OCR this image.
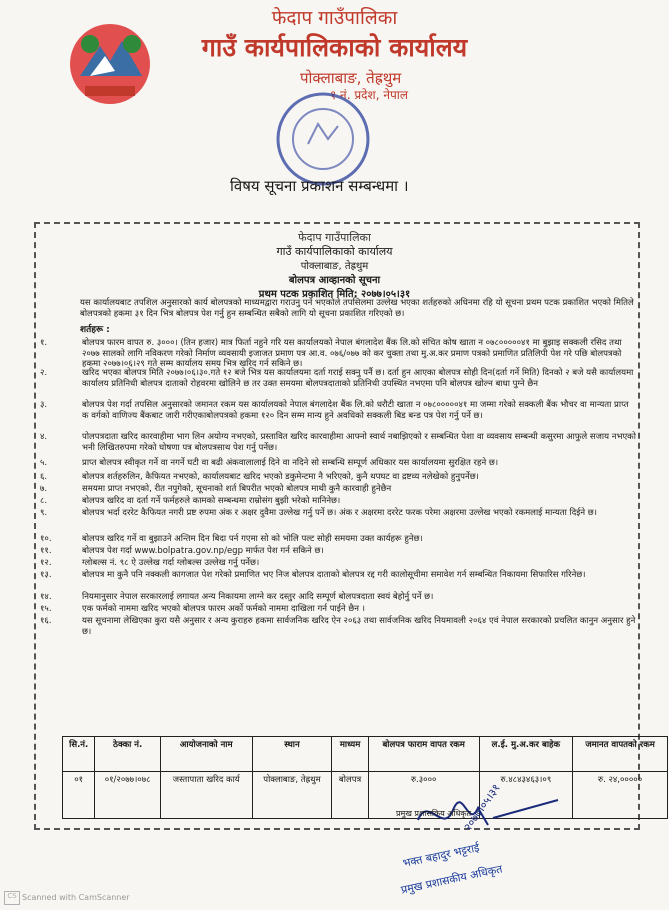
फेदाप गाउँपालिका
गाउँ कार्यपालिकाको कार्यालय
पोक्लाबाङ, तेह्रथुम
१ नं. प्रदेश, नेपाल
विषय सूचना प्रकाशन सम्बन्धमा ।
फेदाप गाउँपालिका
गाउँ कार्यपालिकाको कार्यालय
पोक्लाबाङ, तेह्रथुम
बोलपत्र आव्हानको सूचना
प्रथम पटक प्रकाशित मिति: २०७७।०५।३१
यस कार्यालयबाट तपशिल अनुसारको कार्य बोलपत्रको माध्यमद्वारा गराउनु पर्ने भएकोले तपसिलमा उल्लेख भएका शर्तहरुको अधिनमा रहि यो सूचना प्रथम पटक प्रकाशित भएको मितिले बोलपत्रको हकमा ३१ दिन भित्र बोलपत्र पेश गर्नु हुन सम्बन्धित सबैको लागि यो सूचना प्रकाशित गरिएको छ।
शर्तहरू :
१.	बोलपत्र फारम वापत रु. ३०००। (तिन हजार) मात्र फिर्ता नहुने गरि यस कार्यालयको नेपाल बंगलादेश बैंक लि.को संचित कोष खाता न ०७८०००००४१ मा बुझाइ सक्कली रसिद तथा २०७७ सालको लागि नविकरण गरेको निर्माण व्यवसायी इजाजत प्रमाण पत्र आ.व. ०७६/०७७ को कर चुक्ता तथा मु.अ.कर प्रमाण पत्रको प्रमाणित प्रतिलिपी पेश गरे पछि बोलपत्रको हकमा २०७७।०६।२९ गते सम्म कार्यालय समय भित्र खरिद गर्न सकिने छ।
२.	खरिद भएका बोलपत्र मिति २०७७।०६।३०.गते १२ बजे भित्र यस कार्यालयमा दर्ता गराई सक्नु पर्नै छ। दर्ता हुन आएका बोलपत्र सोही दिन(दर्ता गर्ने मिति) दिनको २ बजे यसै कार्यालयमा कार्यालय प्रतिनिधी बोलपत्र दाताको रोहवरमा खोलिने छ तर उक्त समयमा बोलपत्रदाताको प्रतिनिधी उपस्थित नभएमा पनि बोलपत्र खोल्न बाधा पुग्ने छैन
३.	बोलपत्र पेश गर्दा तपसिल अनुसारको जमानत रकम यस कार्यालयको नेपाल बंगलादेश बैंक लि.को धरौटी खाता न ०७८०००००४१ मा जम्मा गरेको सक्कली बैंक भौचर वा मान्यता प्राप्त क वर्गको वाणिज्य बैंकबाट जारी गरीएकाबोलपत्रको हकमा १२० दिन सम्म मान्य हुने अवधिको सक्कली बिड बन्ड पत्र पेश गर्नु पर्ने छ।
४.	पोलपत्रदाता खरिद कारवाहीमा भाग लिन अयोग्य नभएको, प्रस्तावित खरिद कारवाहीमा आफ्नो स्वार्थ नबाझिएको र सम्बन्धित पेशा वा व्यवसाय सम्बन्धी कसुरमा आफुले सजाय नभएको भनी लिखितरुपमा गरेको घोषणा पत्र बोलपत्रसाथ पेश गर्नु पर्नेछ।
५.	प्राप्त बोलपत्र स्वीकृत गर्ने वा नगर्ने घटी वा बढी अंकवालालाई दिने वा नदिने सो सम्बन्धि सम्पूर्ण अधिकार यस कार्यालयमा सुरक्षित रहने छ।
६.	बोलपत्र शर्तहरुलिन, कैफियत नभएको, कार्यालयबाट खरिद भएको डकुमेन्टमा नै भरिएको, कुनै थपघट वा द्रष्टव्य नलेखेको हुनुपर्नेछ।
७.	समयमा प्राप्त नभएको, रीत नपुगेको, सूचनाको शर्त बिपरीत भएको बोलपत्र माथी कुनै कारवाही हुनेछैन
८.	बोलपत्र खरिद वा दर्ता गर्ने फर्महरुले कामको सम्बन्धमा राम्रोसंग बुझी भरेको मानिनेछ।
९.	बोलपत्र भर्दा दररेट कैफियत नगरी प्रष्ट रुपमा अंक र अक्षर दुवैमा उल्लेख गर्नु पर्ने छ। अंक र अक्षरमा दररेट फरक परेमा अक्षरमा उल्लेख भएको रकमलाई मान्यता दिईने छ।
१०.	बोलपत्र खरिद गर्ने वा बुझाउने अन्तिम दिन बिदा पर्न गएमा सो को भोलि पल्ट सोही समयमा उक्त कार्यहरू हुनेछ।
११.	बोलपत्र पेश गर्दा www.bolpatra.gov.np/egp मार्फत पेश गर्न सकिने छ।
१२.	ग्लोबल्स नं. ९८ ऐ उल्लेख गर्दा ग्लोबल्स उल्लेख गर्नु पर्नेछ।
१३.	बोलपत्र मा कुनै पनि नक्कली कागजात पेश गरेको प्रमाणित भए निज बोलपत्र दाताको बोलपत्र रद्द गरी कालोसूचीमा समावेश गर्न सम्बन्धित निकायमा सिफारिस गरिनेछ।
१४.	नियमानुसार नेपाल सरकारलाई लगायत अन्य निकायमा लाग्ने कर दस्तुर आदि सम्पूर्ण बोलपत्रदाता स्वयं बेहोर्नु पर्ने छ।
१५.	एक फर्मको नाममा खरिद भएको बोलपत्र फारम अर्को फर्मको नाममा दाखिला गर्न पाईने छैन ।
१६.	यस सूचनामा लेखिएका कुरा यसै अनुसार र अन्य कुराहरु हकमा सार्वजनिक खरिद ऐन २०६३ तथा सार्वजनिक खरिद नियमावली २०६४ एवं नेपाल सरकारको प्रचलित कानुन अनुसार हुने छ।
सि.नं.	ठेक्का नं.	आयोजनाको नाम	स्थान	माध्यम	बोलपत्र फाराम वापत रकम	ल.ई. मु.अ.कर बाहेक	जमानत वापतको रकम
०१	०१/२०७७।०७८	जस्तापाता खरिद कार्य	पोक्लाबाङ, तेह्रथुम	बोलपत्र	रु.३०००	रु.४८४३४६३।०९	रु. २४,०००००
२०७७।०५।३१
प्रमुख प्रशासकिय अधिकृत
भक्त बहादुर भट्टराई
प्रमुख प्रशासकीय अधिकृत
CS Scanned with CamScanner
